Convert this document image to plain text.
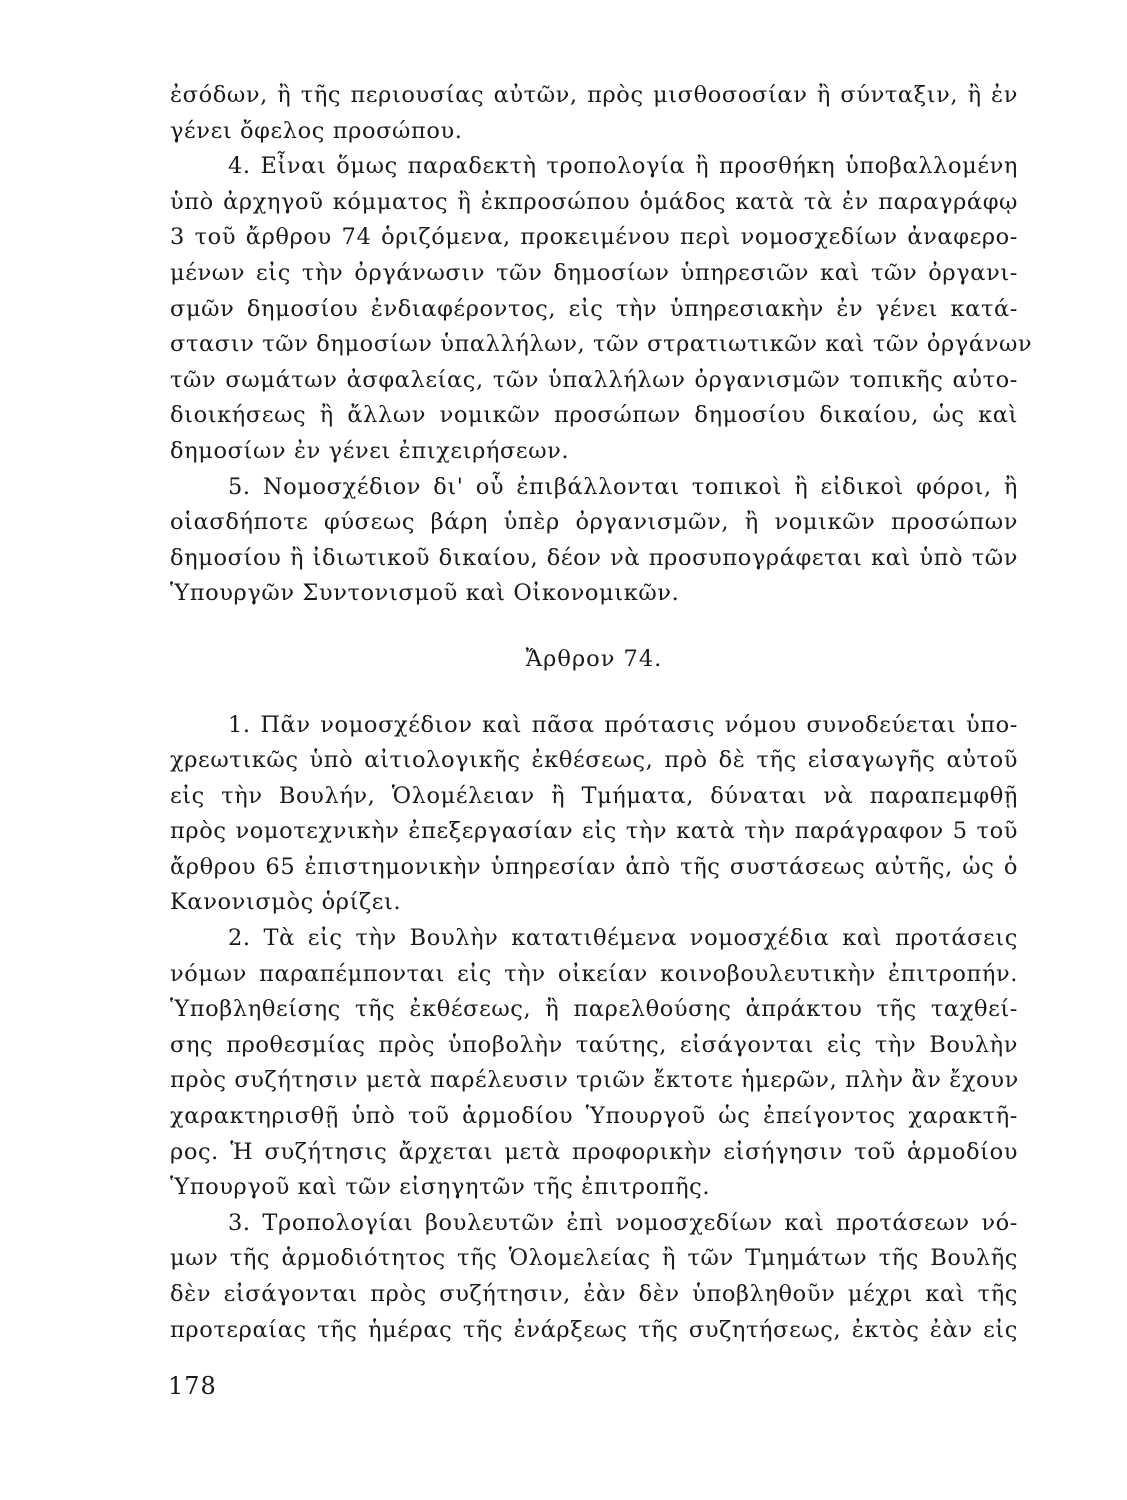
ἐσόδων, ἢ τῆς περιουσίας αὐτῶν, πρὸς μισθοσοσίαν ἢ σύνταξιν, ἢ ἐν
γένει ὄφελος προσώπου.
4. Εἶναι ὅμως παραδεκτὴ τροπολογία ἢ προσθήκη ὑποβαλλομένη
ὑπὸ ἀρχηγοῦ κόμματος ἢ ἐκπροσώπου ὁμάδος κατὰ τὰ ἐν παραγράφῳ
3 τοῦ ἄρθρου 74 ὁριζόμενα, προκειμένου περὶ νομοσχεδίων ἀναφερο-
μένων εἰς τὴν ὀργάνωσιν τῶν δημοσίων ὑπηρεσιῶν καὶ τῶν ὀργανι-
σμῶν δημοσίου ἐνδιαφέροντος, εἰς τὴν ὑπηρεσιακὴν ἐν γένει κατά-
στασιν τῶν δημοσίων ὑπαλλήλων, τῶν στρατιωτικῶν καὶ τῶν ὀργάνων
τῶν σωμάτων ἀσφαλείας, τῶν ὑπαλλήλων ὀργανισμῶν τοπικῆς αὐτο-
διοικήσεως ἢ ἄλλων νομικῶν προσώπων δημοσίου δικαίου, ὡς καὶ
δημοσίων ἐν γένει ἐπιχειρήσεων.
5. Νομοσχέδιον δι' οὗ ἐπιβάλλονται τοπικοὶ ἢ εἰδικοὶ φόροι, ἢ
οἱασδήποτε φύσεως βάρη ὑπὲρ ὀργανισμῶν, ἢ νομικῶν προσώπων
δημοσίου ἢ ἰδιωτικοῦ δικαίου, δέον νὰ προσυπογράφεται καὶ ὑπὸ τῶν
Ὑπουργῶν Συντονισμοῦ καὶ Οἰκονομικῶν.
Ἄρθρον 74.
1. Πᾶν νομοσχέδιον καὶ πᾶσα πρότασις νόμου συνοδεύεται ὑπο-
χρεωτικῶς ὑπὸ αἰτιολογικῆς ἐκθέσεως, πρὸ δὲ τῆς εἰσαγωγῆς αὐτοῦ
εἰς τὴν Βουλήν, Ὁλομέλειαν ἢ Τμήματα, δύναται νὰ παραπεμφθῇ
πρὸς νομοτεχνικὴν ἐπεξεργασίαν εἰς τὴν κατὰ τὴν παράγραφον 5 τοῦ
ἄρθρου 65 ἐπιστημονικὴν ὑπηρεσίαν ἀπὸ τῆς συστάσεως αὐτῆς, ὡς ὁ
Κανονισμὸς ὁρίζει.
2. Τὰ εἰς τὴν Βουλὴν κατατιθέμενα νομοσχέδια καὶ προτάσεις
νόμων παραπέμπονται εἰς τὴν οἰκείαν κοινοβουλευτικὴν ἐπιτροπήν.
Ὑποβληθείσης τῆς ἐκθέσεως, ἢ παρελθούσης ἀπράκτου τῆς ταχθεί-
σης προθεσμίας πρὸς ὑποβολὴν ταύτης, εἰσάγονται εἰς τὴν Βουλὴν
πρὸς συζήτησιν μετὰ παρέλευσιν τριῶν ἔκτοτε ἡμερῶν, πλὴν ἂν ἔχουν
χαρακτηρισθῇ ὑπὸ τοῦ ἁρμοδίου Ὑπουργοῦ ὡς ἐπείγοντος χαρακτῆ-
ρος. Ἡ συζήτησις ἄρχεται μετὰ προφορικὴν εἰσήγησιν τοῦ ἁρμοδίου
Ὑπουργοῦ καὶ τῶν εἰσηγητῶν τῆς ἐπιτροπῆς.
3. Τροπολογίαι βουλευτῶν ἐπὶ νομοσχεδίων καὶ προτάσεων νό-
μων τῆς ἁρμοδιότητος τῆς Ὁλομελείας ἢ τῶν Τμημάτων τῆς Βουλῆς
δὲν εἰσάγονται πρὸς συζήτησιν, ἐὰν δὲν ὑποβληθοῦν μέχρι καὶ τῆς
προτεραίας τῆς ἡμέρας τῆς ἐνάρξεως τῆς συζητήσεως, ἐκτὸς ἐὰν εἰς
178
